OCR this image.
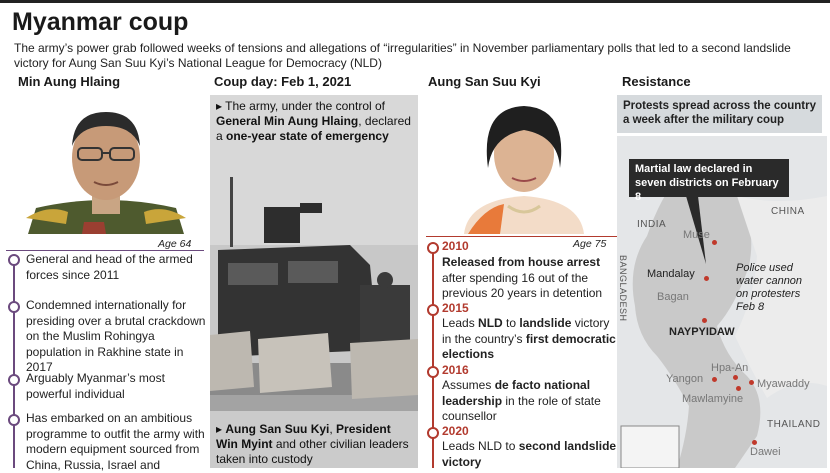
Myanmar coup
The army’s power grab followed weeks of tensions and allegations of “irregularities” in November parliamentary polls that led to a second landslide victory for Aung San Suu Kyi’s National League for Democracy (NLD)
Min Aung Hlaing	Coup day: Feb 1, 2021	Aung San Suu Kyi	Resistance
Age 64
General and head of the armed forces since 2011
Condemned internationally for presiding over a brutal crackdown on the Muslim Rohingya population in Rakhine state in 2017
Arguably Myanmar’s most powerful individual
Has embarked on an ambitious programme to outfit the army with modern equipment sourced from China, Russia, Israel and
▸ The army, under the control of General Min Aung Hlaing, declared a one-year state of emergency
▸ Aung San Suu Kyi, President Win Myint and other civilian leaders taken into custody
Age 75
2010
Released from house arrest after spending 16 out of the previous 20 years in detention
2015
Leads NLD to landslide victory in the country’s first democratic elections
2016
Assumes de facto national leadership in the role of state counsellor
2020
Leads NLD to second landslide victory
Protests spread across the country a week after the military coup
Martial law declared in seven districts on February 8
INDIA
CHINA
BANGLADESH
THAILAND
Muse
Mandalay
Bagan
NAYPYIDAW
Yangon
Hpa-An
Myawaddy
Mawlamyine
Dawei
Police used water cannon on protesters Feb 8
